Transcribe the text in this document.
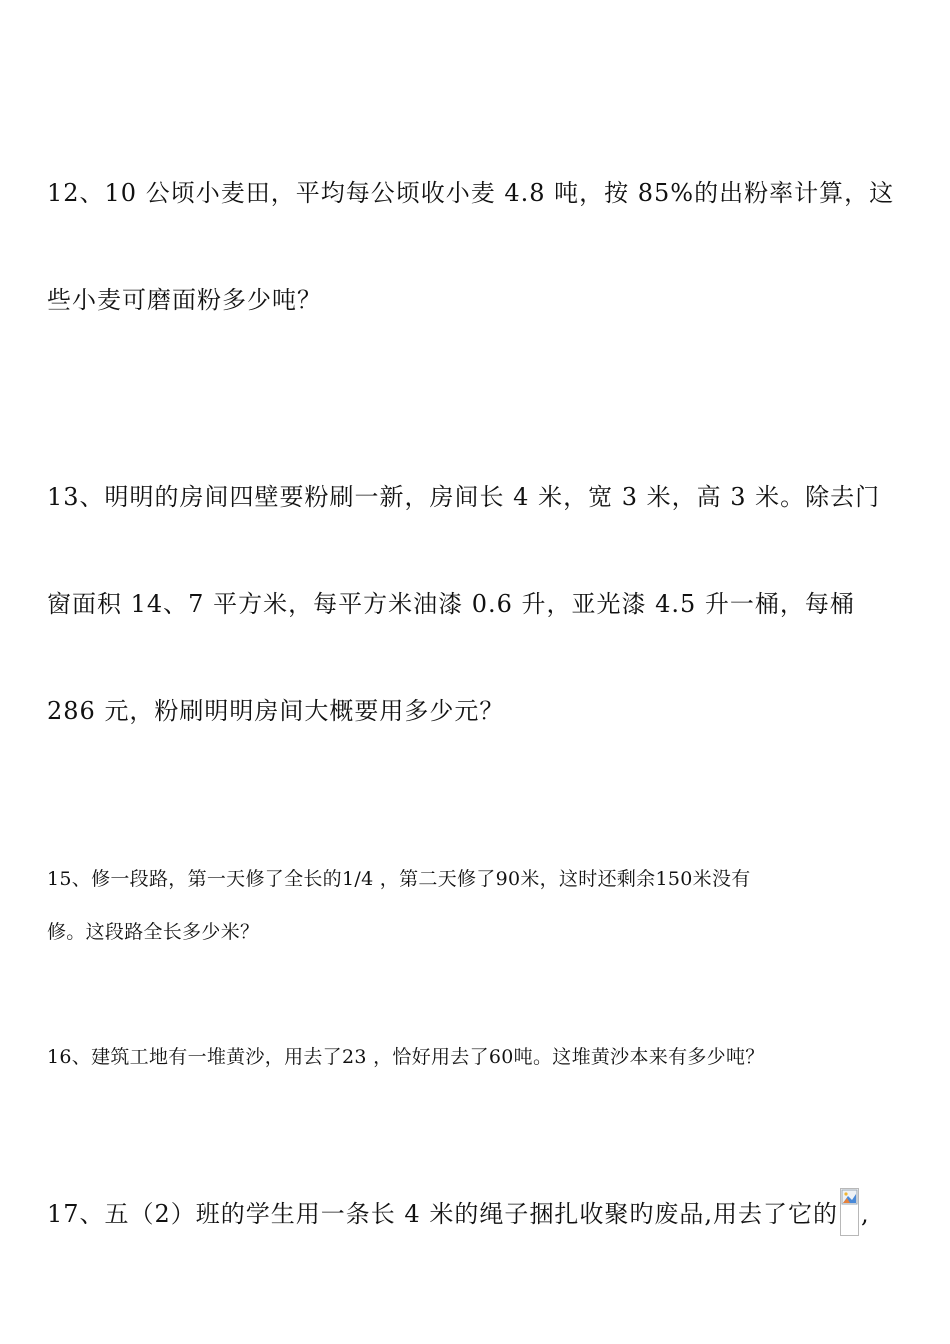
12、10 公顷小麦田，平均每公顷收小麦 4.8 吨，按 85%的出粉率计算，这
些小麦可磨面粉多少吨？
13、明明的房间四壁要粉刷一新，房间长 4 米，宽 3 米，高 3 米。除去门
窗面积 14、7 平方米，每平方米油漆 0.6 升，亚光漆 4.5 升一桶，每桶
286 元，粉刷明明房间大概要用多少元？
15、修一段路，第一天修了全长的1/4 ，第二天修了90米，这时还剩余150米没有
修。这段路全长多少米？
16、建筑工地有一堆黄沙，用去了23 ，恰好用去了60吨。这堆黄沙本来有多少吨？
17、五（2）班的学生用一条长 4 米的绳子捆扎收聚旳废品,用去了它的 ,
